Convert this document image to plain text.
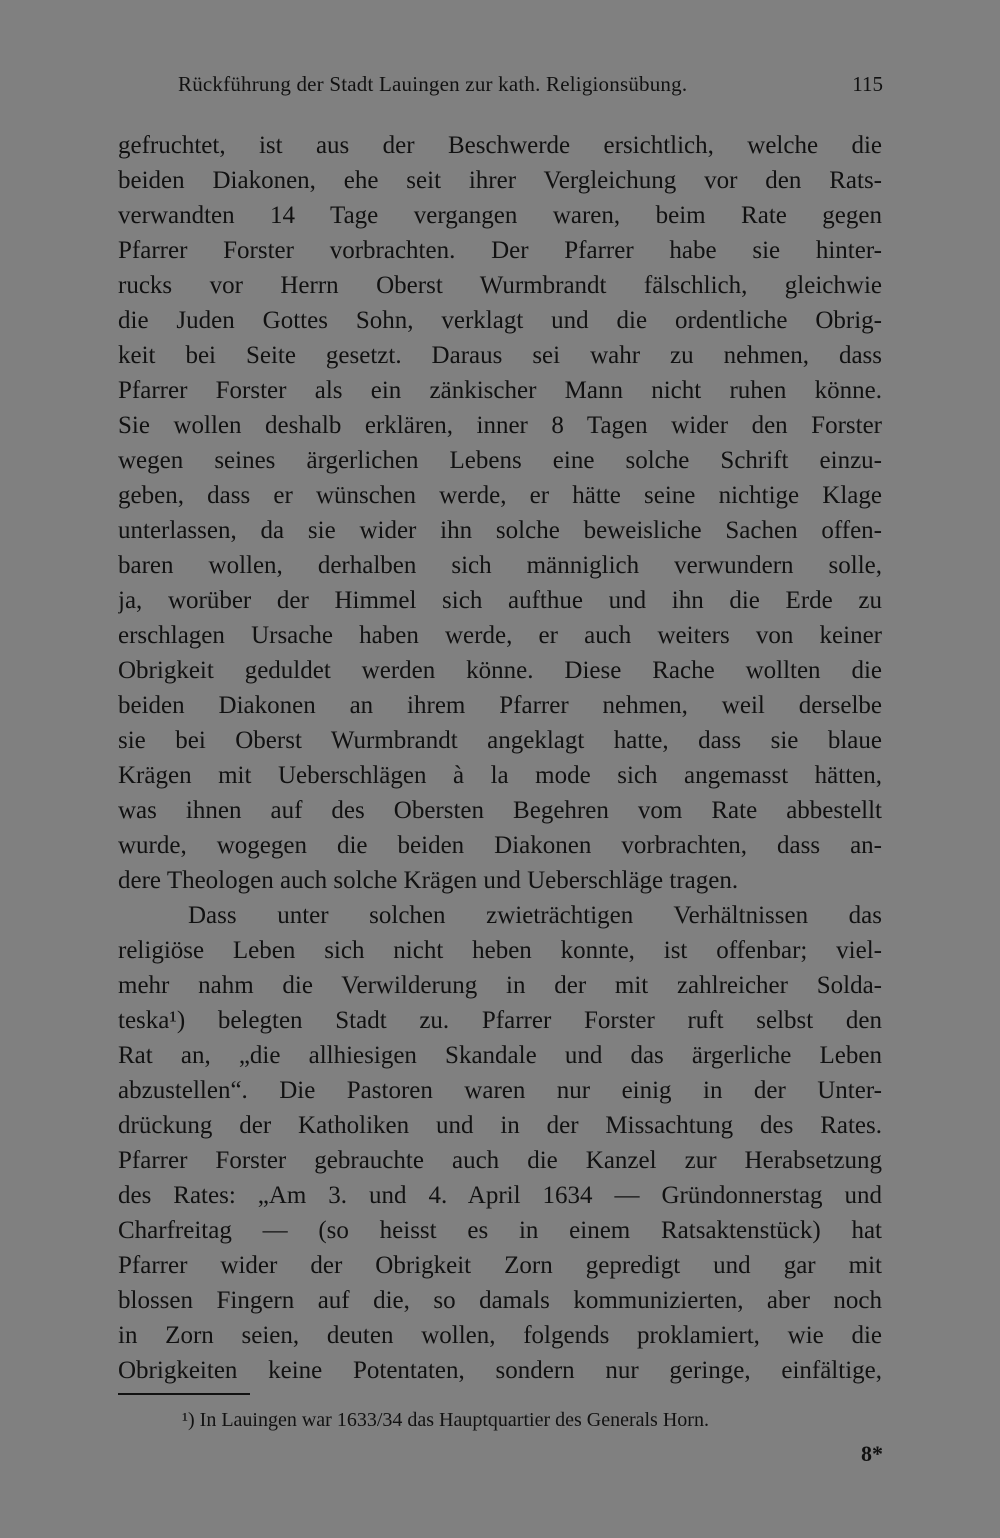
Rückführung der Stadt Lauingen zur kath. Religionsübung.	115
gefruchtet, ist aus der Beschwerde ersichtlich, welche die
beiden Diakonen, ehe seit ihrer Vergleichung vor den Rats-
verwandten 14 Tage vergangen waren, beim Rate gegen
Pfarrer Forster vorbrachten. Der Pfarrer habe sie hinter-
rucks vor Herrn Oberst Wurmbrandt fälschlich, gleichwie
die Juden Gottes Sohn, verklagt und die ordentliche Obrig-
keit bei Seite gesetzt. Daraus sei wahr zu nehmen, dass
Pfarrer Forster als ein zänkischer Mann nicht ruhen könne.
Sie wollen deshalb erklären, inner 8 Tagen wider den Forster
wegen seines ärgerlichen Lebens eine solche Schrift einzu-
geben, dass er wünschen werde, er hätte seine nichtige Klage
unterlassen, da sie wider ihn solche beweisliche Sachen offen-
baren wollen, derhalben sich männiglich verwundern solle,
ja, worüber der Himmel sich aufthue und ihn die Erde zu
erschlagen Ursache haben werde, er auch weiters von keiner
Obrigkeit geduldet werden könne. Diese Rache wollten die
beiden Diakonen an ihrem Pfarrer nehmen, weil derselbe
sie bei Oberst Wurmbrandt angeklagt hatte, dass sie blaue
Krägen mit Ueberschlägen à la mode sich angemasst hätten,
was ihnen auf des Obersten Begehren vom Rate abbestellt
wurde, wogegen die beiden Diakonen vorbrachten, dass an-
dere Theologen auch solche Krägen und Ueberschläge tragen.
Dass unter solchen zwieträchtigen Verhältnissen das
religiöse Leben sich nicht heben konnte, ist offenbar; viel-
mehr nahm die Verwilderung in der mit zahlreicher Solda-
teska¹) belegten Stadt zu. Pfarrer Forster ruft selbst den
Rat an, „die allhiesigen Skandale und das ärgerliche Leben
abzustellen“. Die Pastoren waren nur einig in der Unter-
drückung der Katholiken und in der Missachtung des Rates.
Pfarrer Forster gebrauchte auch die Kanzel zur Herabsetzung
des Rates: „Am 3. und 4. April 1634 — Gründonnerstag und
Charfreitag — (so heisst es in einem Ratsaktenstück) hat
Pfarrer wider der Obrigkeit Zorn gepredigt und gar mit
blossen Fingern auf die, so damals kommunizierten, aber noch
in Zorn seien, deuten wollen, folgends proklamiert, wie die
Obrigkeiten keine Potentaten, sondern nur geringe, einfältige,
¹) In Lauingen war 1633/34 das Hauptquartier des Generals Horn.
8*
